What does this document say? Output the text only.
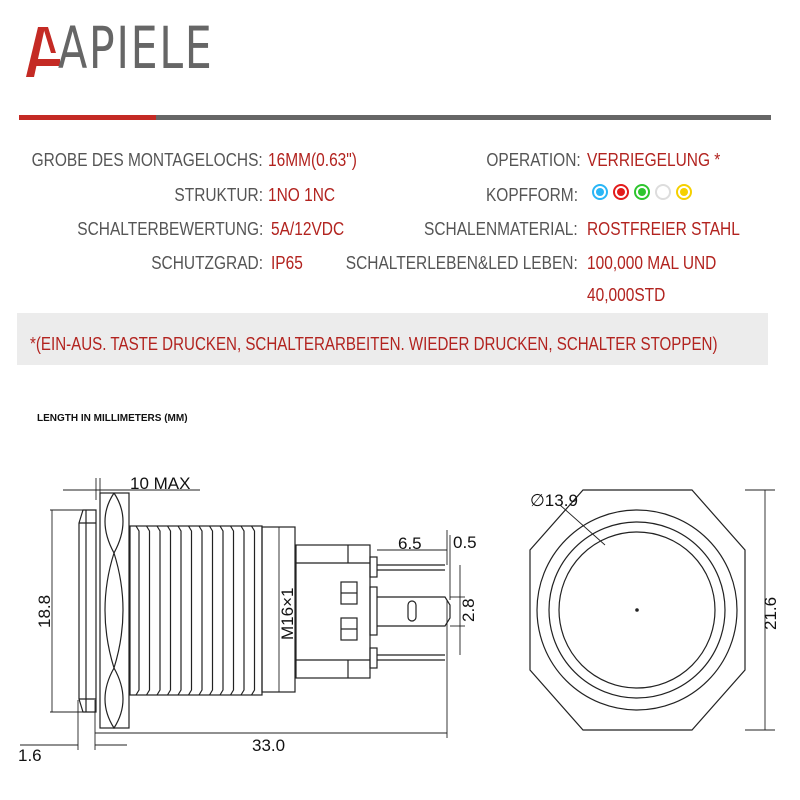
APIELE
GROBE DES MONTAGELOCHS: 16MM(0.63")
STRUKTUR: 1NO 1NC
SCHALTERBEWERTUNG: 5A/12VDC
SCHUTZGRAD: IP65
OPERATION: VERRIEGELUNG *
KOPFFORM:
SCHALENMATERIAL: ROSTFREIER STAHL
SCHALTERLEBEN&LED LEBEN: 100,000 MAL UND
40,000STD
*(EIN-AUS. TASTE DRUCKEN, SCHALTERARBEITEN. WIEDER DRUCKEN, SCHALTER STOPPEN)
LENGTH IN MILLIMETERS (MM)
10 MAX
18.8
1.6
33.0
M16×1
6.5 0.5
2.8
∅13.9
21.6
